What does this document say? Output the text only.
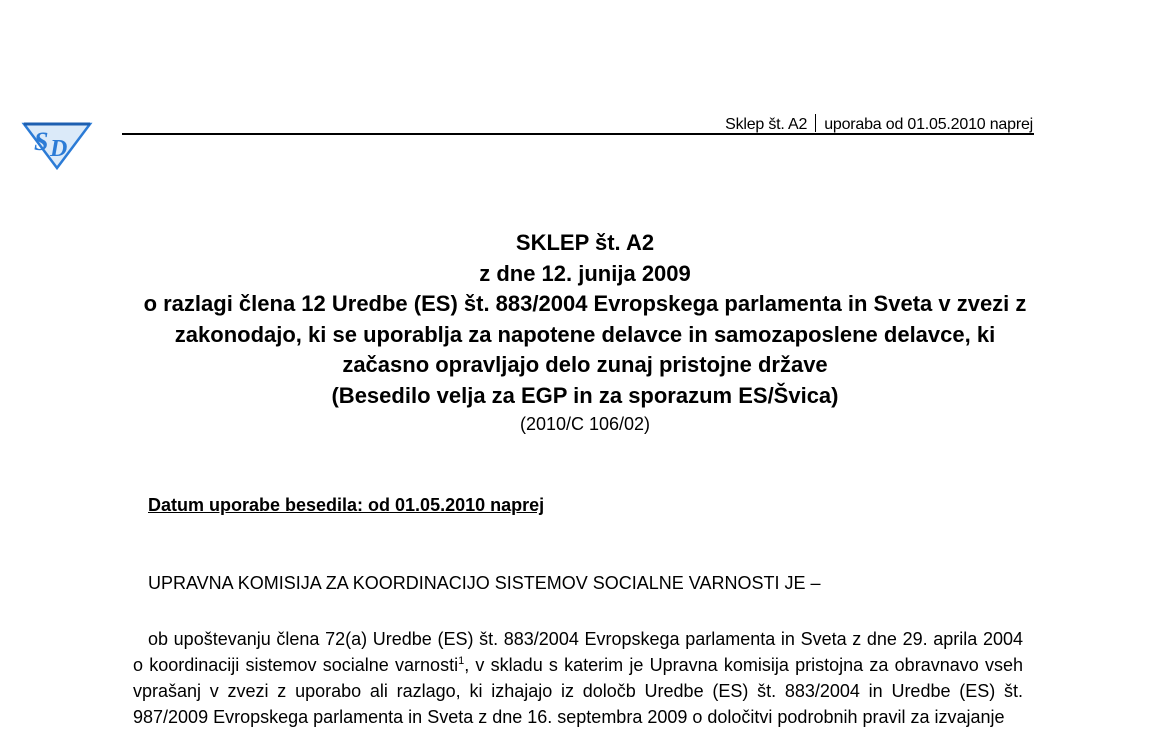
S D
Sklep št. A2 uporaba od 01.05.2010 naprej
SKLEP št. A2
z dne 12. junija 2009
o razlagi člena 12 Uredbe (ES) št. 883/2004 Evropskega parlamenta in Sveta v zvezi z zakonodajo, ki se uporablja za napotene delavce in samozaposlene delavce, ki začasno opravljajo delo zunaj pristojne države
(Besedilo velja za EGP in za sporazum ES/Švica)
(2010/C 106/02)
Datum uporabe besedila: od 01.05.2010 naprej
UPRAVNA KOMISIJA ZA KOORDINACIJO SISTEMOV SOCIALNE VARNOSTI JE –
ob upoštevanju člena 72(a) Uredbe (ES) št. 883/2004 Evropskega parlamenta in Sveta z dne 29. aprila 2004 o koordinaciji sistemov socialne varnosti$^1$, v skladu s katerim je Upravna komisija pristojna za obravnavo vseh vprašanj v zvezi z uporabo ali razlago, ki izhajajo iz določb Uredbe (ES) št. 883/2004 in Uredbe (ES) št. 987/2009 Evropskega parlamenta in Sveta z dne 16. septembra 2009 o določitvi podrobnih pravil za izvajanje
